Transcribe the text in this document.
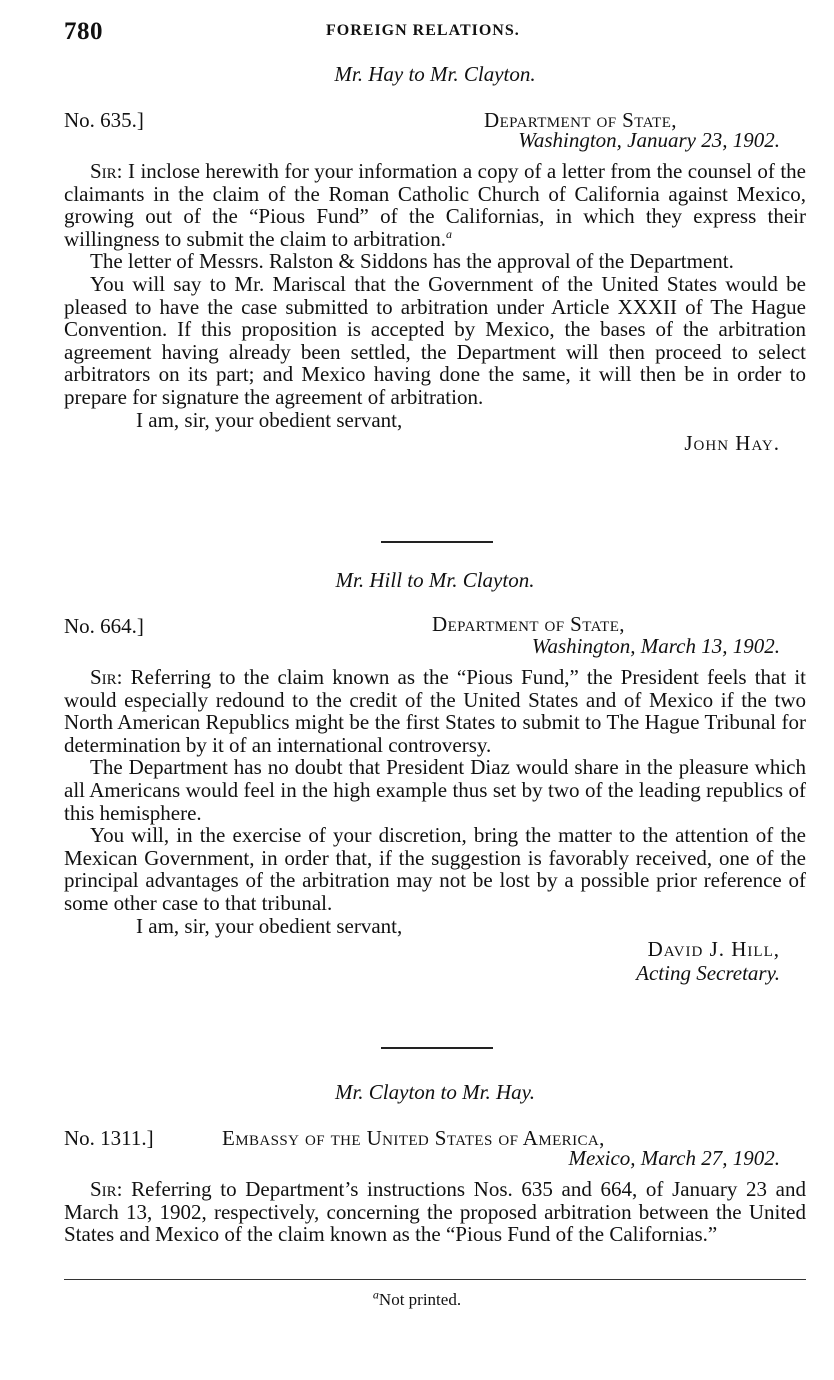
780	FOREIGN RELATIONS.

Mr. Hay to Mr. Clayton.

No. 635.]	Department of State,
Washington, January 23, 1902.

Sir: I inclose herewith for your information a copy of a letter from the counsel of the claimants in the claim of the Roman Catholic Church of California against Mexico, growing out of the “Pious Fund” of the Californias, in which they express their willingness to submit the claim to arbitration.$^a$

The letter of Messrs. Ralston & Siddons has the approval of the Department.

You will say to Mr. Mariscal that the Government of the United States would be pleased to have the case submitted to arbitration under Article XXXII of The Hague Convention. If this proposition is accepted by Mexico, the bases of the arbitration agreement having already been settled, the Department will then proceed to select arbitrators on its part; and Mexico having done the same, it will then be in order to prepare for signature the agreement of arbitration.

I am, sir, your obedient servant,
John Hay.

Mr. Hill to Mr. Clayton.

No. 664.]	Department of State,
Washington, March 13, 1902.

Sir: Referring to the claim known as the “Pious Fund,” the President feels that it would especially redound to the credit of the United States and of Mexico if the two North American Republics might be the first States to submit to The Hague Tribunal for determination by it of an international controversy.

The Department has no doubt that President Diaz would share in the pleasure which all Americans would feel in the high example thus set by two of the leading republics of this hemisphere.

You will, in the exercise of your discretion, bring the matter to the attention of the Mexican Government, in order that, if the suggestion is favorably received, one of the principal advantages of the arbitration may not be lost by a possible prior reference of some other case to that tribunal.

I am, sir, your obedient servant,
David J. Hill,
Acting Secretary.

Mr. Clayton to Mr. Hay.

No. 1311.]	Embassy of the United States of America,
Mexico, March 27, 1902.

Sir: Referring to Department’s instructions Nos. 635 and 664, of January 23 and March 13, 1902, respectively, concerning the proposed arbitration between the United States and Mexico of the claim known as the “Pious Fund of the Californias.”

$^a$Not printed.
